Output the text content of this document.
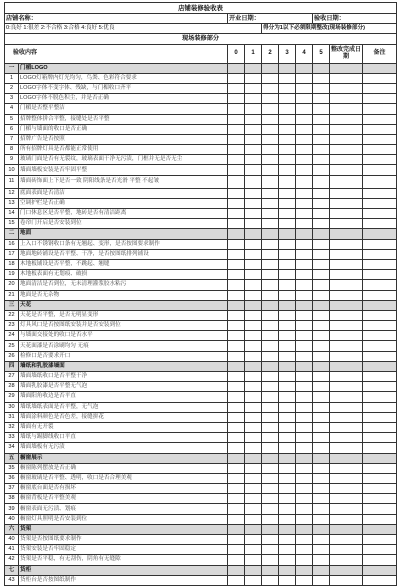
店铺装修验收表									
店铺名称：		开业日期：					验收日期：		
0:良好 1:很差 2:不合格 3:合格 4:良好 5:优良				得分为1以下必须限期整改(现场装修部分)					
现场装修部分									
验收内容		0	1	2	3	4	5	整改完成日期	备注
一	门楣LOGO								
1	LOGO灯箱牌内灯光均匀，鸟粪、色彩符合要求								
2	LOGO字体不变字体、残缺，与门楣收口齐平								
3	LOGO字体不脱色积尘，并是否正确								
4	门楣是否整平整洁								
5	招牌整体拼合平整，接缝处是否平整								
6	门楣与墙面的收口是否正确								
7	招牌广告是否按照								
8	所有招牌灯具是否都能正常使用								
9	玻璃门面是否有无裂纹，玻璃表面干净无污渍，门框并无是否无尘								
10	墙面墙板安装是否牢固平整								
11	墙面砖饰面上下是否一致 阴阳线条是否光滑 平整 不起皱								
12	底面表面是否清洁								
13	空调护栏是否正确								
14	门口休息区是否平整，地砖是否有清洁距离								
15	卷帘门开启是否安装到位								
二	地面								
16	上入口不锈钢收口条有无翘起、变形，是否按图要求制作								
17	地面地砖铺设是否平整、干净，是否按图纸排列铺设								
18	木地板铺设是否平整，不跳起、翘缝								
19	木地板表面有无划痕、破损								
20	地面清洁是否到位，无未清理灌浆胶水粘污								
21	地面是否无杂物								
三	天花								
22	天花是否平整，是否无明显变形								
23	灯具风口是否按图纸安装并是否安装到位								
24	与墙面交接处的收口是否水平								
25	天花面漆是否涂刷均匀 无痕								
26	检修口是否要求开口								
四	墙纸和乳胶漆墙面								
27	墙面墙纸收口是否平整干净								
28	墙面乳胶漆是否平整无气泡								
29	墙面阳角收边是否平直								
30	墙纸墙纸表面是否平整，无气泡								
31	墙面涂料颜色是否色差，接缝拼花								
32	墙面有无开裂								
33	墙纸与踢脚线收口平直								
34	墙面墙板有无污渍								
五	橱窗展示								
35	橱窗陈列摆放是否正确								
36	橱窗玻璃是否平整、透明，收口是否合理美观								
37	橱窗底台面是否有损坏								
38	橱窗背板是否平整美观								
39	橱窗表面无污渍、划痕								
40	橱窗灯具照明是否安装到位								
六	货架								
40	货架是否按图纸要求制作								
41	货架安装是否牢固稳定								
42	货架是否平稳，有无刮伤，阴角有无缝隙								
七	货柜								
43	货柜台是否按图纸制作								
